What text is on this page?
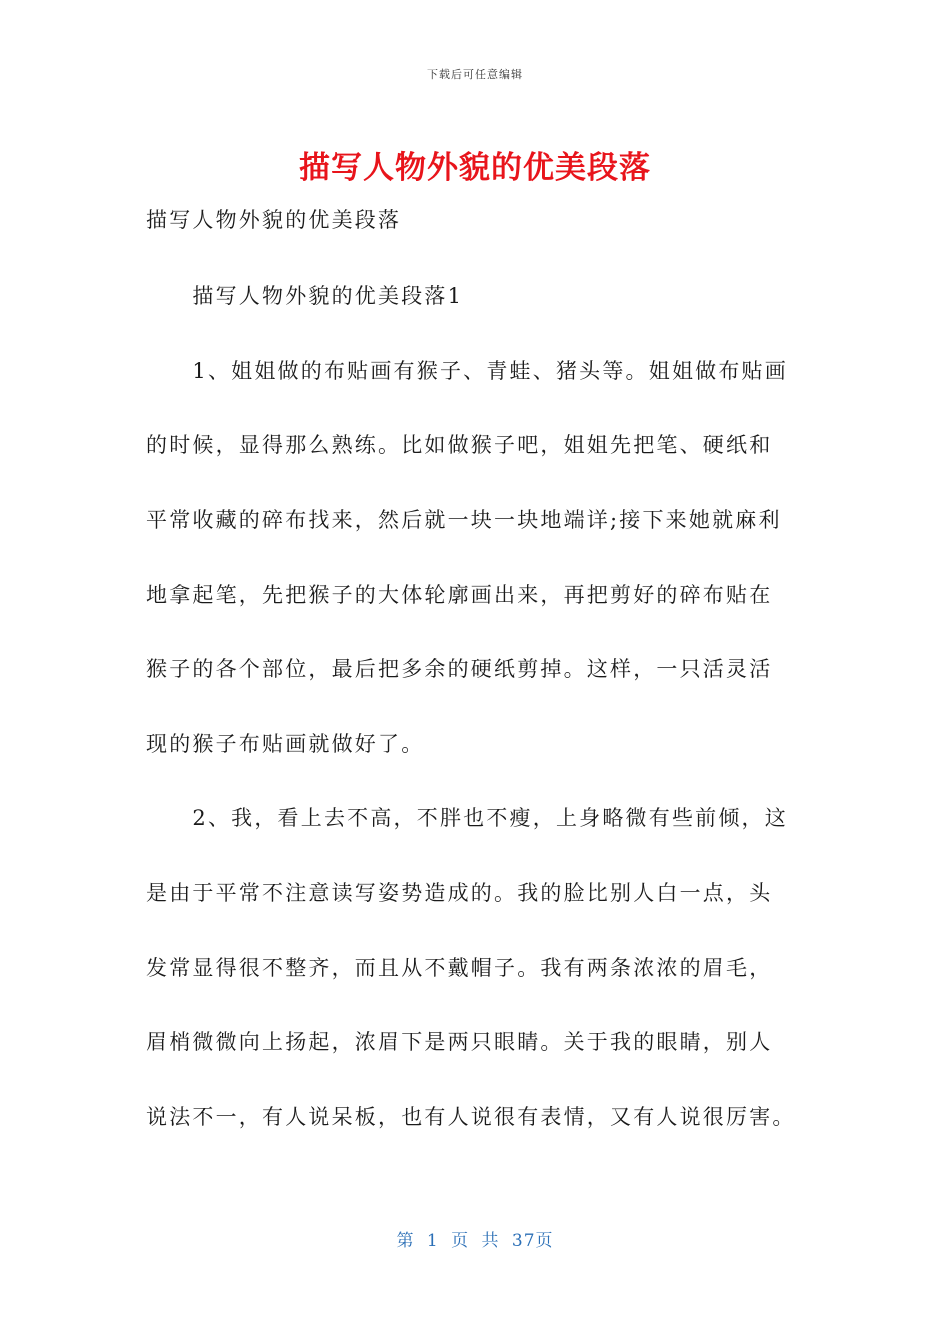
下载后可任意编辑
描写人物外貌的优美段落
描写人物外貌的优美段落
　　描写人物外貌的优美段落1
　　1、姐姐做的布贴画有猴子、青蛙、猪头等。姐姐做布贴画
的时候，显得那么熟练。比如做猴子吧，姐姐先把笔、硬纸和
平常收藏的碎布找来，然后就一块一块地端详;接下来她就麻利
地拿起笔，先把猴子的大体轮廓画出来，再把剪好的碎布贴在
猴子的各个部位，最后把多余的硬纸剪掉。这样，一只活灵活
现的猴子布贴画就做好了。
　　2、我，看上去不高，不胖也不瘦，上身略微有些前倾，这
是由于平常不注意读写姿势造成的。我的脸比别人白一点，头
发常显得很不整齐，而且从不戴帽子。我有两条浓浓的眉毛，
眉梢微微向上扬起，浓眉下是两只眼睛。关于我的眼睛，别人
说法不一，有人说呆板，也有人说很有表情，又有人说很厉害。
第 1 页 共 37页
